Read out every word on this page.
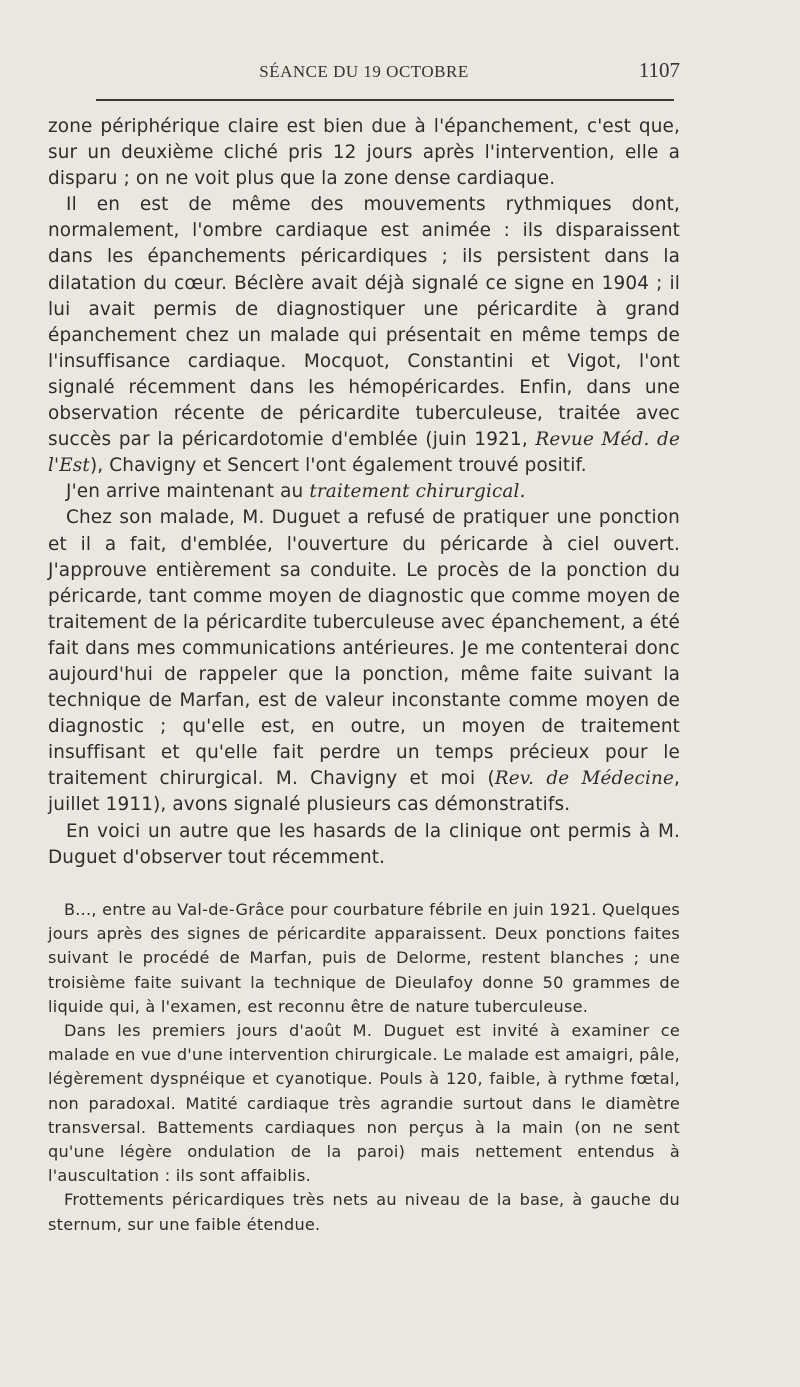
SÉANCE DU 19 OCTOBRE	1107

zone périphérique claire est bien due à l'épanchement, c'est que, sur un deuxième cliché pris 12 jours après l'intervention, elle a disparu ; on ne voit plus que la zone dense cardiaque.

Il en est de même des mouvements rythmiques dont, normalement, l'ombre cardiaque est animée : ils disparaissent dans les épanchements péricardiques ; ils persistent dans la dilatation du cœur. Béclère avait déjà signalé ce signe en 1904 ; il lui avait permis de diagnostiquer une péricardite à grand épanchement chez un malade qui présentait en même temps de l'insuffisance cardiaque. Mocquot, Constantini et Vigot, l'ont signalé récemment dans les hémopéricardes. Enfin, dans une observation récente de péricardite tuberculeuse, traitée avec succès par la péricardotomie d'emblée (juin 1921, Revue Méd. de l'Est), Chavigny et Sencert l'ont également trouvé positif.

J'en arrive maintenant au traitement chirurgical.

Chez son malade, M. Duguet a refusé de pratiquer une ponction et il a fait, d'emblée, l'ouverture du péricarde à ciel ouvert. J'approuve entièrement sa conduite. Le procès de la ponction du péricarde, tant comme moyen de diagnostic que comme moyen de traitement de la péricardite tuberculeuse avec épanchement, a été fait dans mes communications antérieures. Je me contenterai donc aujourd'hui de rappeler que la ponction, même faite suivant la technique de Marfan, est de valeur inconstante comme moyen de diagnostic ; qu'elle est, en outre, un moyen de traitement insuffisant et qu'elle fait perdre un temps précieux pour le traitement chirurgical. M. Chavigny et moi (Rev. de Médecine, juillet 1911), avons signalé plusieurs cas démonstratifs.

En voici un autre que les hasards de la clinique ont permis à M. Duguet d'observer tout récemment.

B..., entre au Val-de-Grâce pour courbature fébrile en juin 1921. Quelques jours après des signes de péricardite apparaissent. Deux ponctions faites suivant le procédé de Marfan, puis de Delorme, restent blanches ; une troisième faite suivant la technique de Dieulafoy donne 50 grammes de liquide qui, à l'examen, est reconnu être de nature tuberculeuse.

Dans les premiers jours d'août M. Duguet est invité à examiner ce malade en vue d'une intervention chirurgicale. Le malade est amaigri, pâle, légèrement dyspnéique et cyanotique. Pouls à 120, faible, à rythme fœtal, non paradoxal. Matité cardiaque très agrandie surtout dans le diamètre transversal. Battements cardiaques non perçus à la main (on ne sent qu'une légère ondulation de la paroi) mais nettement entendus à l'auscultation : ils sont affaiblis.

Frottements péricardiques très nets au niveau de la base, à gauche du sternum, sur une faible étendue.
